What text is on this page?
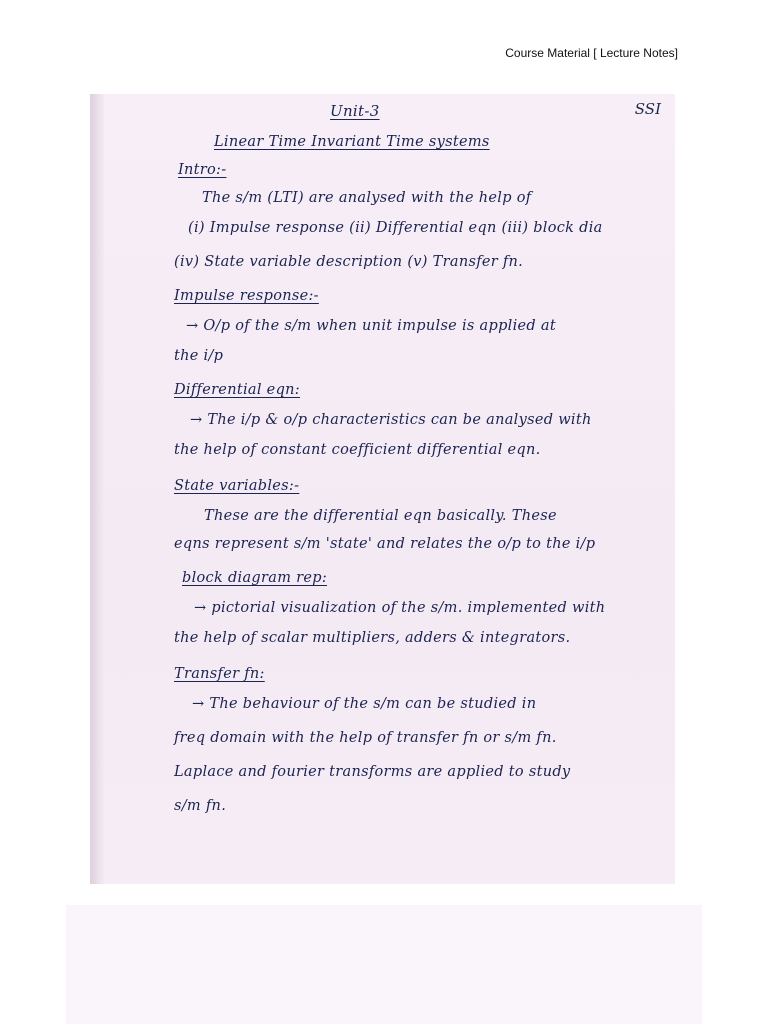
Course Material [ Lecture Notes]
SSI
Unit-3
Linear Time Invariant Time systems
Intro:-
The s/m (LTI) are analysed with the help of
(i) Impulse response (ii) Differential eqn (iii) block dia
(iv) State variable description (v) Transfer fn.
Impulse response:-
→ O/p of the s/m when unit impulse is applied at
the i/p
Differential eqn:
→ The i/p & o/p characteristics can be analysed with
the help of constant coefficient differential eqn.
State variables:-
These are the differential eqn basically. These
eqns represent s/m 'state' and relates the o/p to the i/p
block diagram rep:
→ pictorial visualization of the s/m. implemented with
the help of scalar multipliers, adders & integrators.
Transfer fn:
→ The behaviour of the s/m can be studied in
freq domain with the help of transfer fn or s/m fn.
Laplace and fourier transforms are applied to study
s/m fn.
